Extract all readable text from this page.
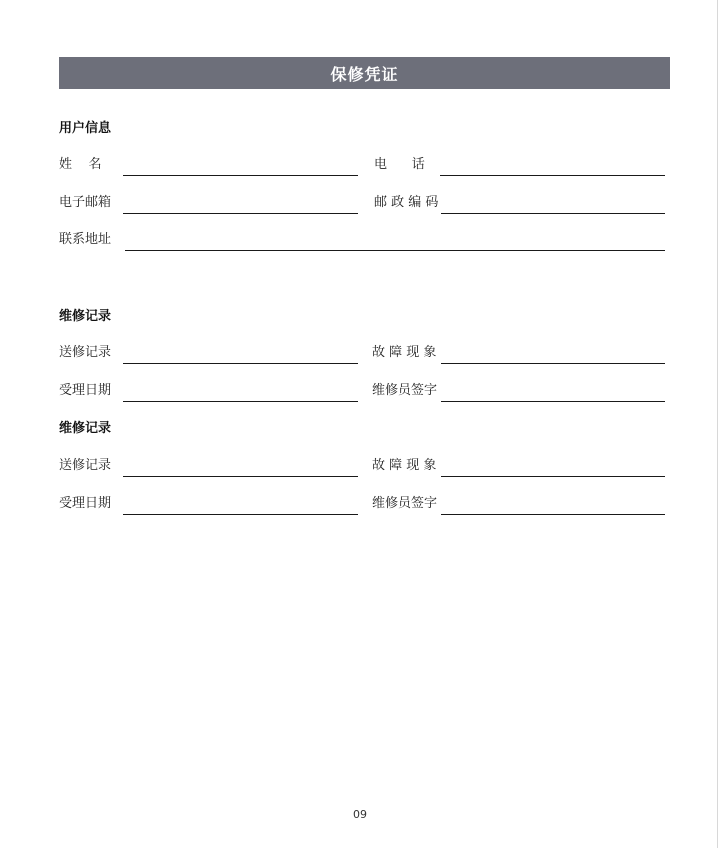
保修凭证
用户信息
姓    名	电      话
电子邮箱	邮 政 编 码
联系地址
维修记录
送修记录	故 障 现 象
受理日期	维修员签字
维修记录
送修记录	故 障 现 象
受理日期	维修员签字
09
